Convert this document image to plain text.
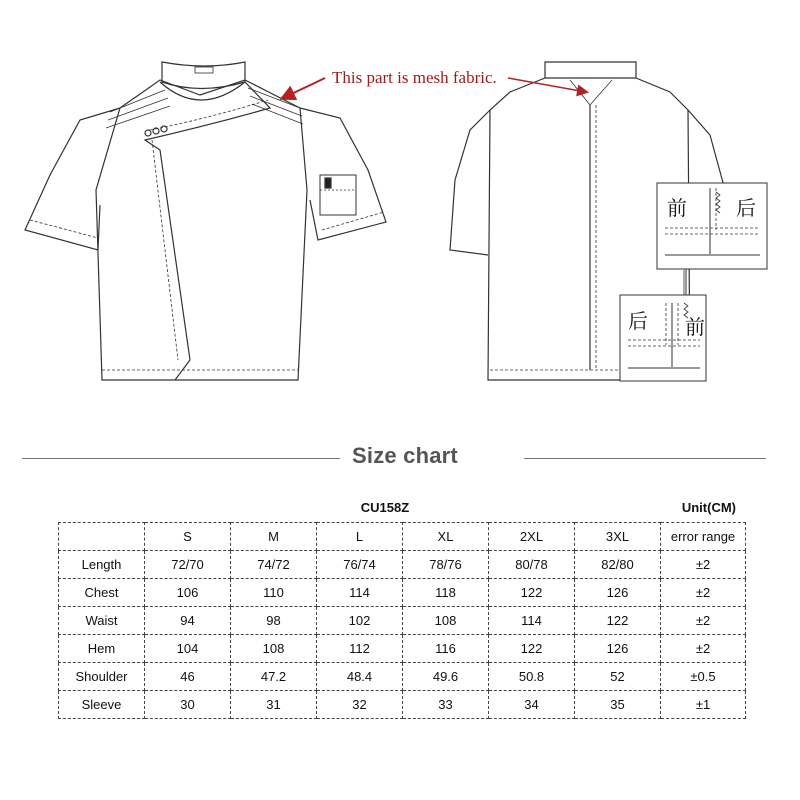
前 后
后 前
This part is mesh fabric.
Size chart
CU158Z	Unit(CM)
	S	M	L	XL	2XL	3XL	error range
Length	72/70	74/72	76/74	78/76	80/78	82/80	±2
Chest	106	110	114	118	122	126	±2
Waist	94	98	102	108	114	122	±2
Hem	104	108	112	116	122	126	±2
Shoulder	46	47.2	48.4	49.6	50.8	52	±0.5
Sleeve	30	31	32	33	34	35	±1
